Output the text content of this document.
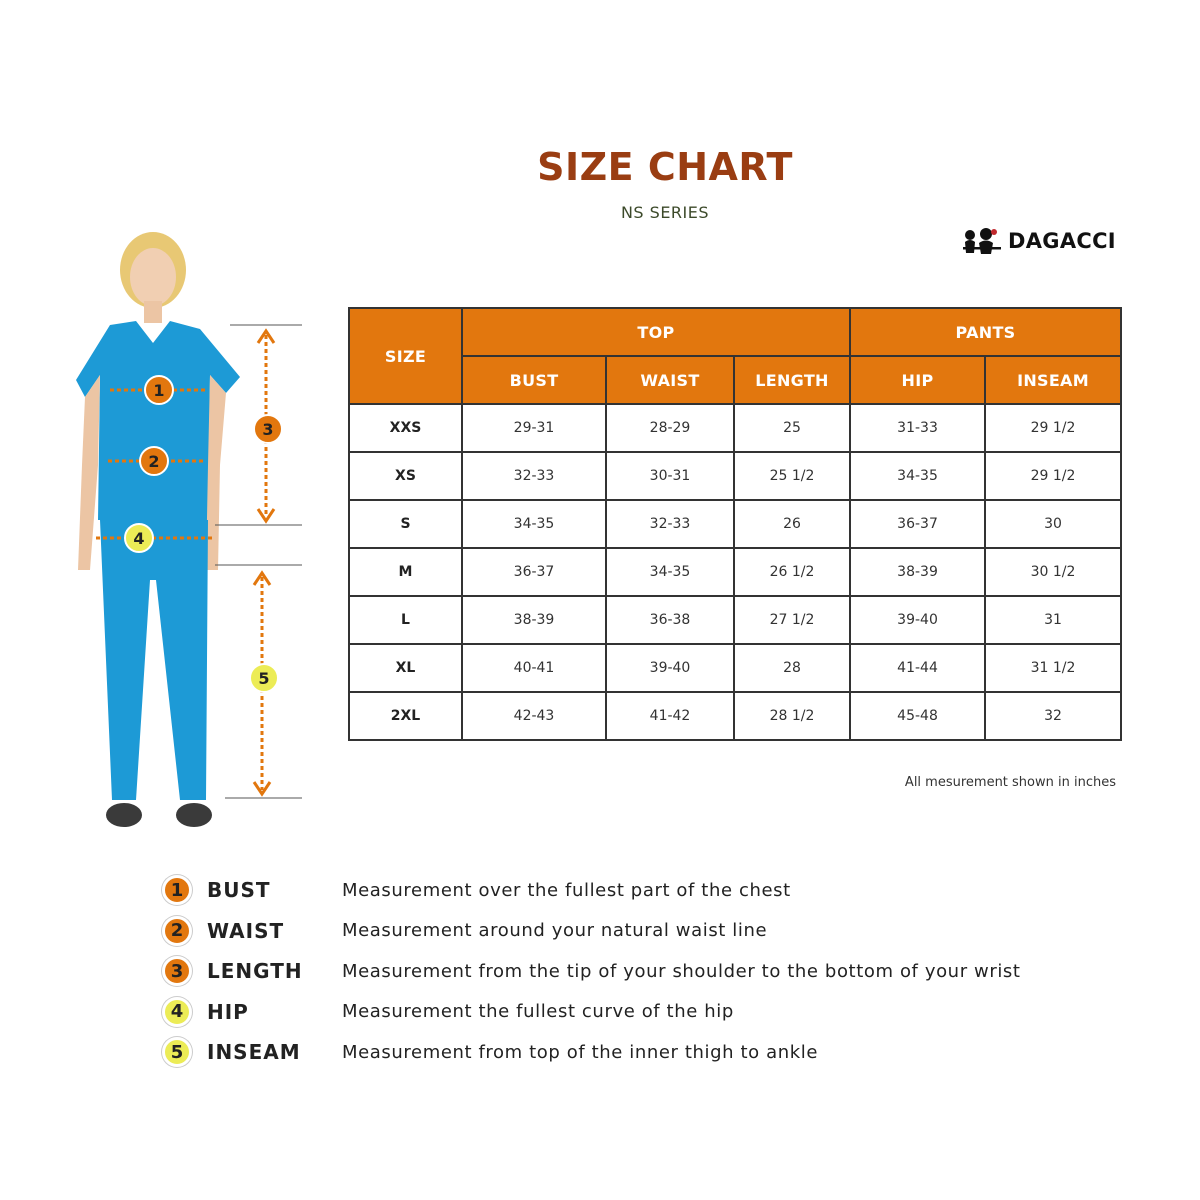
SIZE CHART
NS SERIES
DAGACCI
1
2
3
4
5
SIZE	TOP			PANTS	
	BUST	WAIST	LENGTH	HIP	INSEAM
XXS	29-31	28-29	25	31-33	29 1/2
XS	32-33	30-31	25 1/2	34-35	29 1/2
S	34-35	32-33	26	36-37	30
M	36-37	34-35	26 1/2	38-39	30 1/2
L	38-39	36-38	27 1/2	39-40	31
XL	40-41	39-40	28	41-44	31 1/2
2XL	42-43	41-42	28 1/2	45-48	32
All mesurement shown in inches
1	BUST	Measurement over the fullest part of the chest
2	WAIST	Measurement around your natural waist line
3	LENGTH	Measurement from the tip of your shoulder to the bottom of your wrist
4	HIP	Measurement the fullest curve of the hip
5	INSEAM	Measurement from top of the inner thigh to ankle
